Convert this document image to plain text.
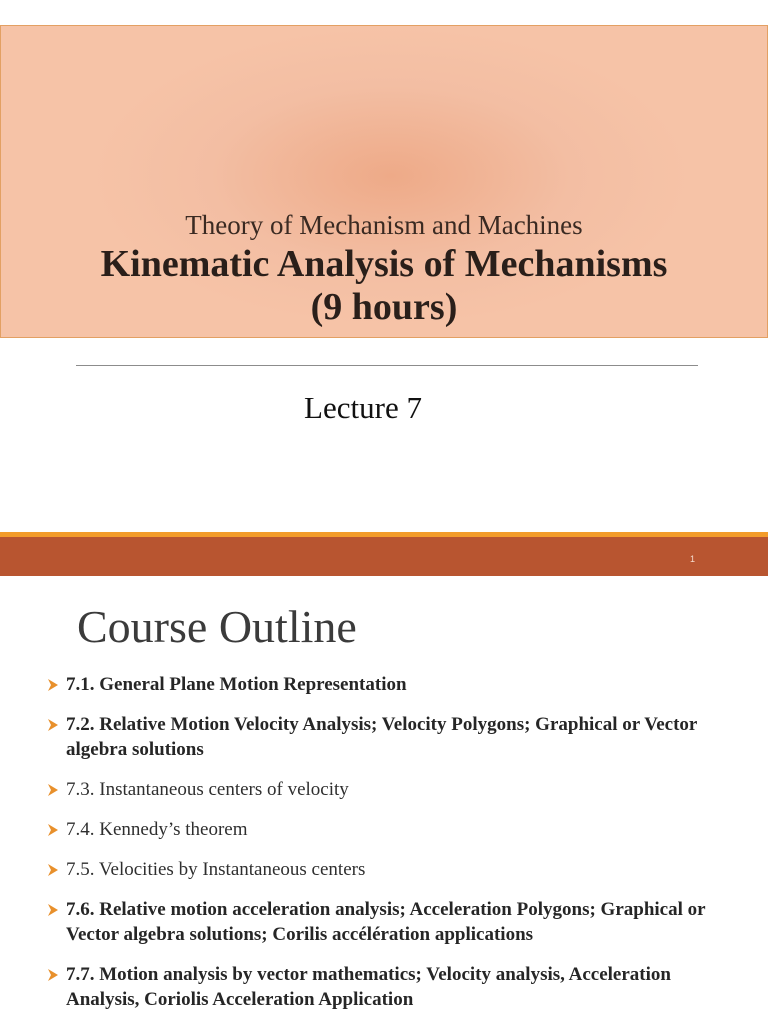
Theory of Mechanism and Machines
Kinematic Analysis of Mechanisms
(9 hours)
Lecture 7
1
Course Outline
7.1. General Plane Motion Representation
7.2. Relative Motion Velocity Analysis; Velocity Polygons; Graphical or Vector algebra solutions
7.3. Instantaneous centers of velocity
7.4. Kennedy’s theorem
7.5. Velocities by Instantaneous centers
7.6. Relative motion acceleration analysis; Acceleration Polygons; Graphical or Vector algebra solutions; Corilis accélération applications
7.7. Motion analysis by vector mathematics; Velocity analysis, Acceleration Analysis, Coriolis Acceleration Application
